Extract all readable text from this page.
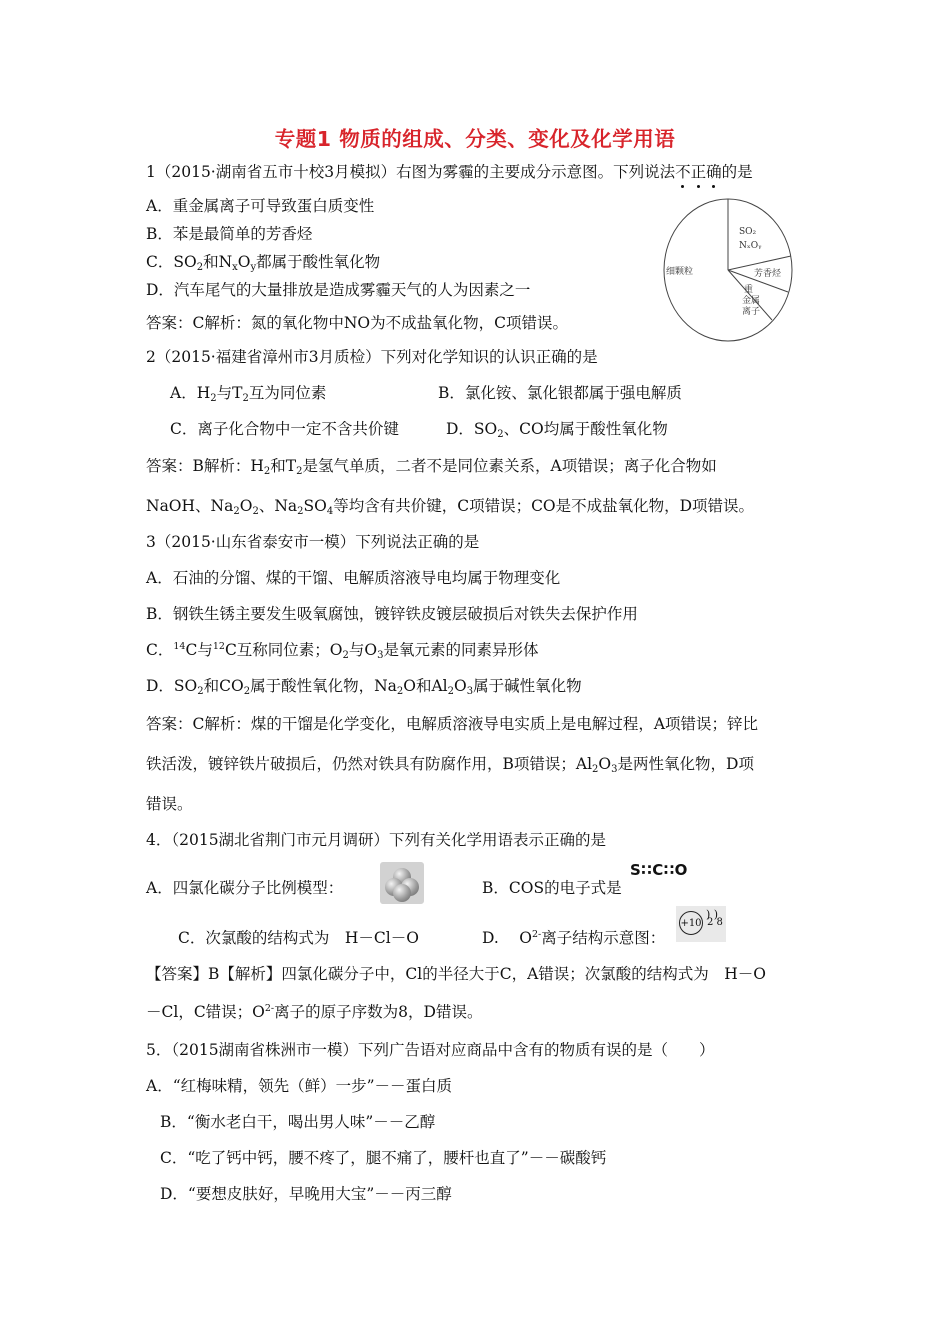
专题1 物质的组成、分类、变化及化学用语
1（2015·湖南省五市十校3月模拟）右图为雾霾的主要成分示意图。下列说法不
正
确
的是
A．重金属离子可导致蛋白质变性
B．苯是最简单的芳香烃
C．$SO_2$和$N_xO_y$都属于酸性氧化物
D．汽车尾气的大量排放是造成雾霾天气的人为因素之一
答案：C解析：氮的氧化物中NO为不成盐氧化物，C项错误。
SO₂
NₓOᵧ
细颗粒	芳香烃
重
金属
离子
2（2015·福建省漳州市3月质检）下列对化学知识的认识正确的是
A．$H_2$与$T_2$互为同位素	B．氯化铵、氯化银都属于强电解质
C．离子化合物中一定不含共价键	D．$SO_2$、CO均属于酸性氧化物
答案：B解析：$H_2$和$T_2$是氢气单质，二者不是同位素关系，A项错误；离子化合物如
NaOH、$Na_2O_2$、$Na_2SO_4$等均含有共价键，C项错误；CO是不成盐氧化物，D项错误。
3（2015·山东省泰安市一模）下列说法正确的是
A．石油的分馏、煤的干馏、电解质溶液导电均属于物理变化
B．钢铁生锈主要发生吸氧腐蚀，镀锌铁皮镀层破损后对铁失去保护作用
C．$^{14}$C与$^{12}$C互称同位素；$O_2$与$O_3$是氧元素的同素异形体
D．$SO_2$和$CO_2$属于酸性氧化物，$Na_2O$和$Al_2O_3$属于碱性氧化物
答案：C解析：煤的干馏是化学变化，电解质溶液导电实质上是电解过程，A项错误；锌比
铁活泼，镀锌铁片破损后，仍然对铁具有防腐作用，B项错误；$Al_2O_3$是两性氧化物，D项
错误。
4．（2015湖北省荆门市元月调研）下列有关化学用语表示正确的是
A．四氯化碳分子比例模型：	B．COS的电子式是
S∷C∷O
C．次氯酸的结构式为　H－Cl－O	D.　 $O^{2-}$离子结构示意图：
+10
) )
2 8
【答案】B【解析】四氯化碳分子中，Cl的半径大于C，A错误；次氯酸的结构式为　H－O
－Cl，C错误；$O^{2-}$离子的原子序数为8，D错误。
5．（2015湖南省株洲市一模）下列广告语对应商品中含有的物质有误的是（　　）
A．“红梅味精，领先（鲜）一步”－－蛋白质
B．“衡水老白干，喝出男人味”－－乙醇
C．“吃了钙中钙，腰不疼了，腿不痛了，腰杆也直了”－－碳酸钙
D．“要想皮肤好，早晚用大宝”－－丙三醇
